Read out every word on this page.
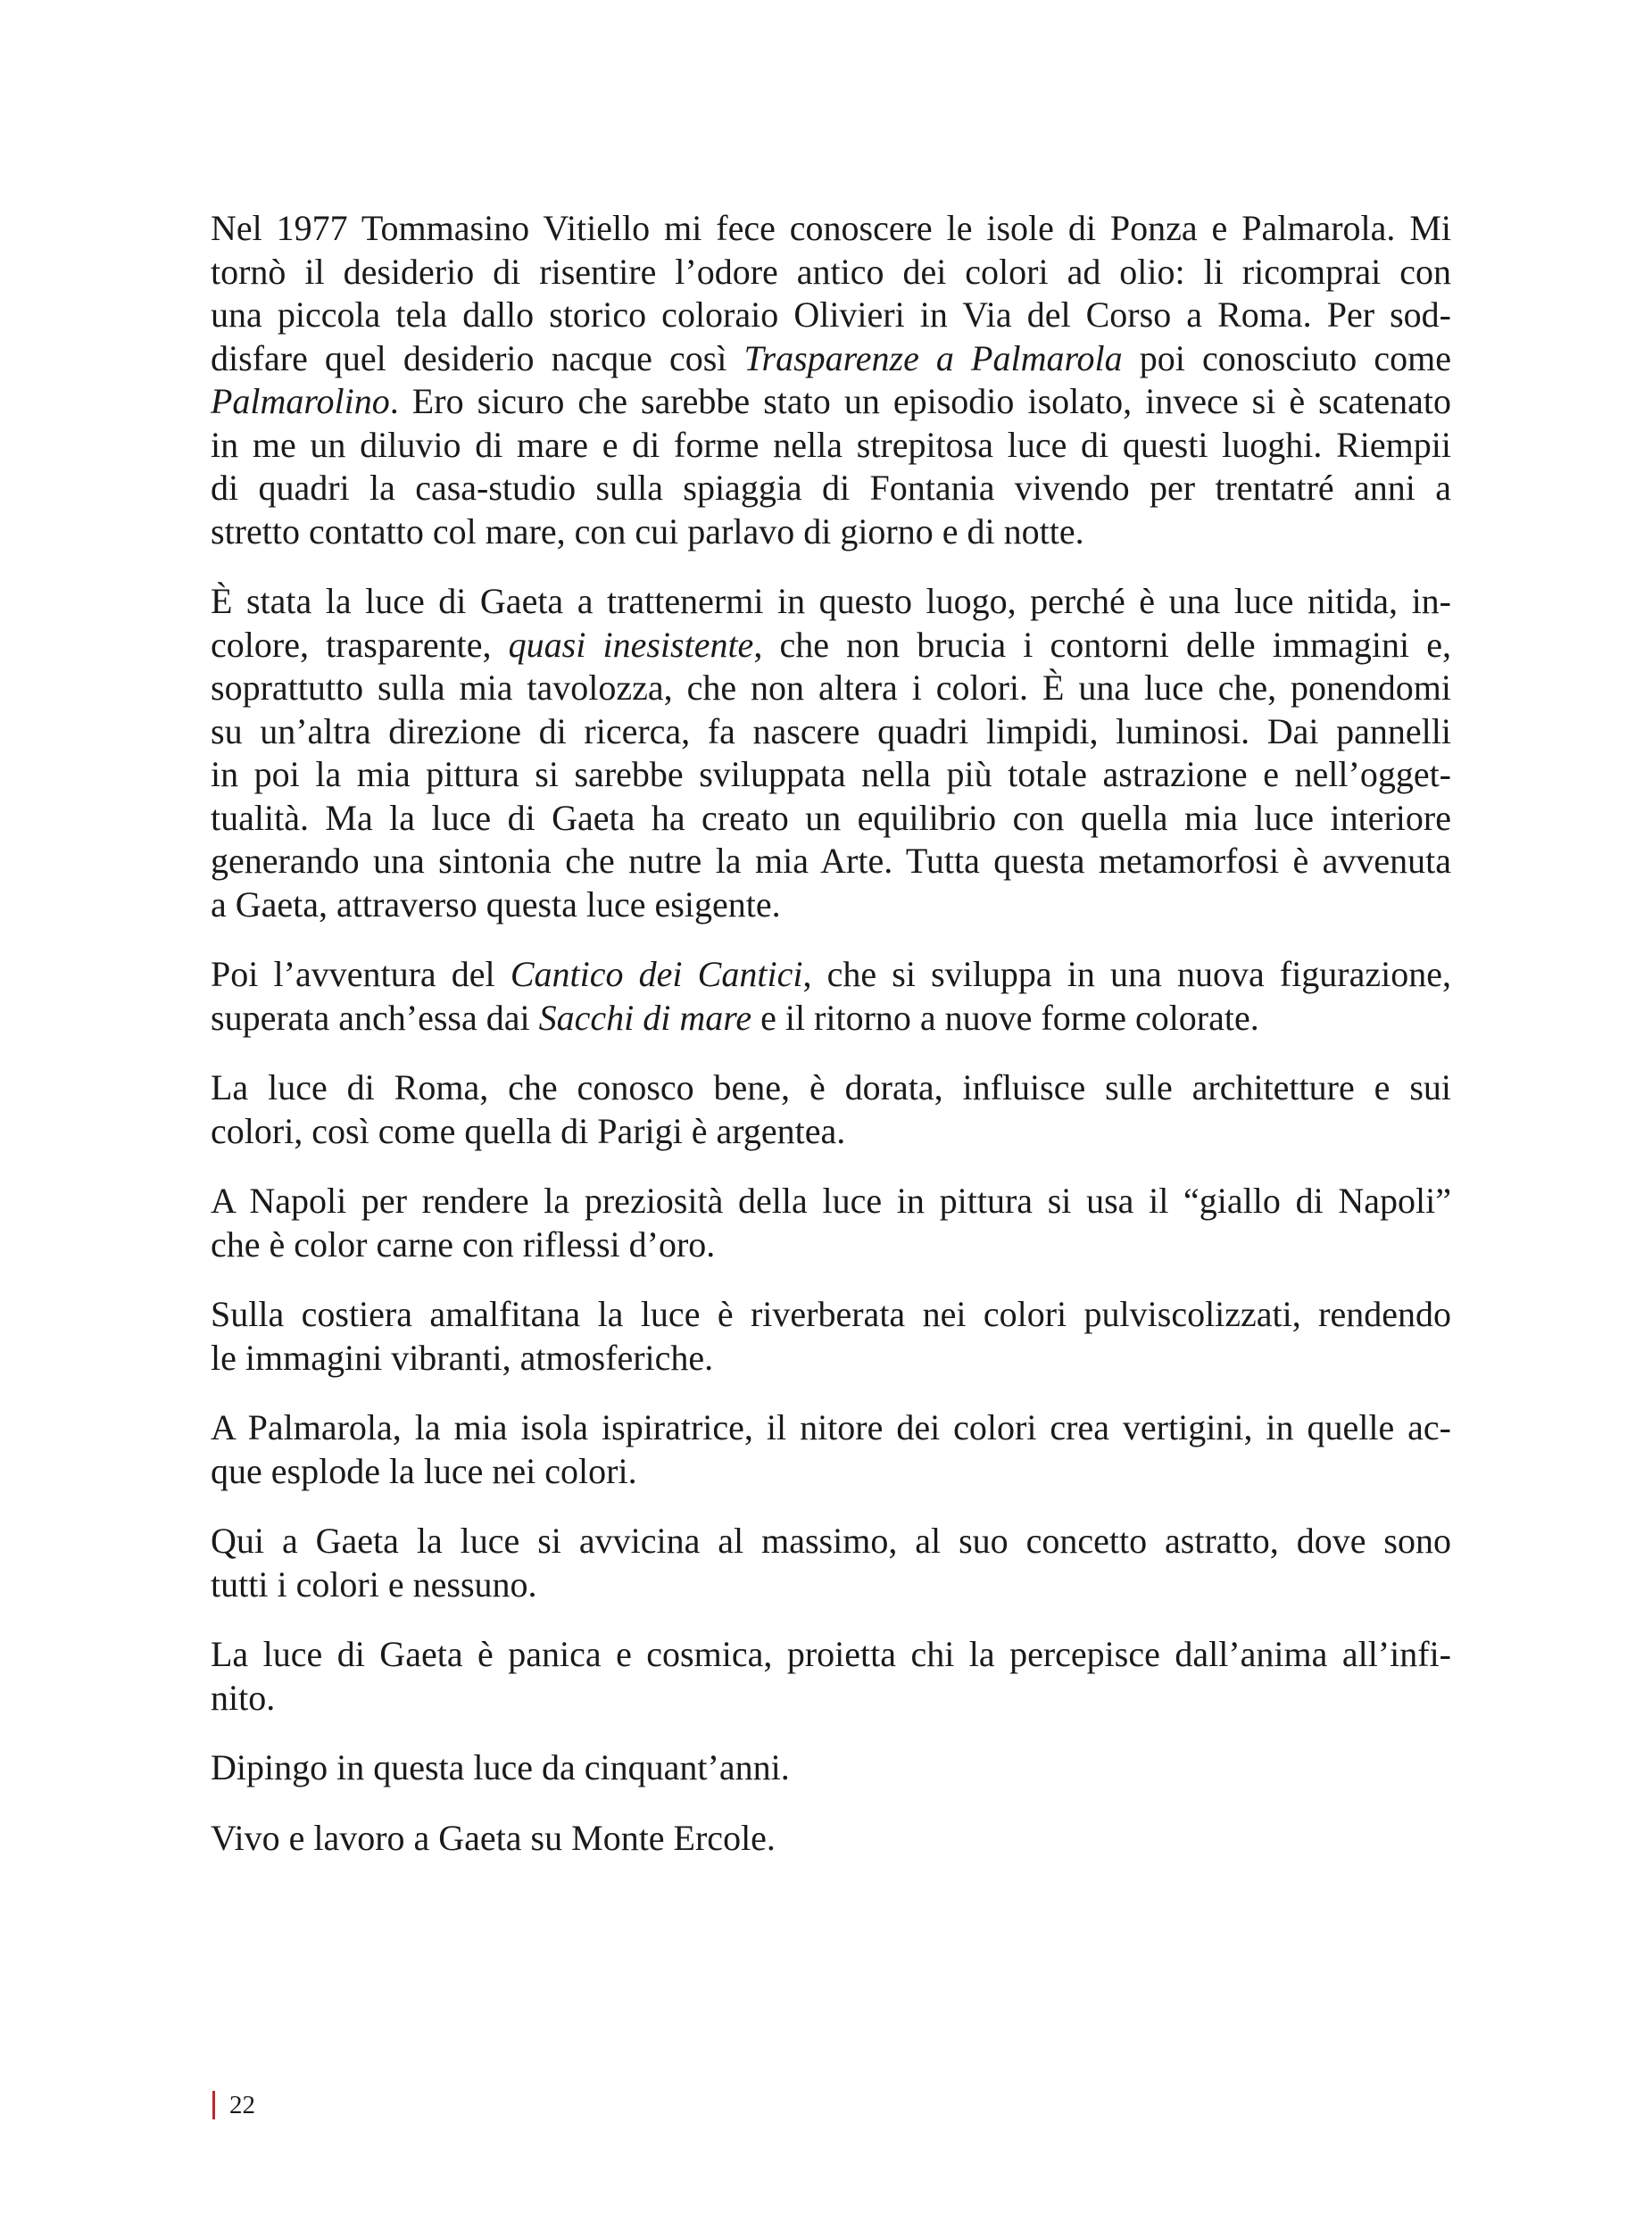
Nel 1977 Tommasino Vitiello mi fece conoscere le isole di Ponza e Palmarola. Mi
tornò il desiderio di risentire l’odore antico dei colori ad olio: li ricomprai con
una piccola tela dallo storico coloraio Olivieri in Via del Corso a Roma. Per sod-
disfare quel desiderio nacque così Trasparenze a Palmarola poi conosciuto come
Palmarolino. Ero sicuro che sarebbe stato un episodio isolato, invece si è scatenato
in me un diluvio di mare e di forme nella strepitosa luce di questi luoghi. Riempii
di quadri la casa-studio sulla spiaggia di Fontania vivendo per trentatré anni a
stretto contatto col mare, con cui parlavo di giorno e di notte.
È stata la luce di Gaeta a trattenermi in questo luogo, perché è una luce nitida, in-
colore, trasparente, quasi inesistente, che non brucia i contorni delle immagini e,
soprattutto sulla mia tavolozza, che non altera i colori. È una luce che, ponendomi
su un’altra direzione di ricerca, fa nascere quadri limpidi, luminosi. Dai pannelli
in poi la mia pittura si sarebbe sviluppata nella più totale astrazione e nell’ogget-
tualità. Ma la luce di Gaeta ha creato un equilibrio con quella mia luce interiore
generando una sintonia che nutre la mia Arte. Tutta questa metamorfosi è avvenuta
a Gaeta, attraverso questa luce esigente.
Poi l’avventura del Cantico dei Cantici, che si sviluppa in una nuova figurazione,
superata anch’essa dai Sacchi di mare e il ritorno a nuove forme colorate.
La luce di Roma, che conosco bene, è dorata, influisce sulle architetture e sui
colori, così come quella di Parigi è argentea.
A Napoli per rendere la preziosità della luce in pittura si usa il “giallo di Napoli”
che è color carne con riflessi d’oro.
Sulla costiera amalfitana la luce è riverberata nei colori pulviscolizzati, rendendo
le immagini vibranti, atmosferiche.
A Palmarola, la mia isola ispiratrice, il nitore dei colori crea vertigini, in quelle ac-
que esplode la luce nei colori.
Qui a Gaeta la luce si avvicina al massimo, al suo concetto astratto, dove sono
tutti i colori e nessuno.
La luce di Gaeta è panica e cosmica, proietta chi la percepisce dall’anima all’infi-
nito.
Dipingo in questa luce da cinquant’anni.
Vivo e lavoro a Gaeta su Monte Ercole.
22
